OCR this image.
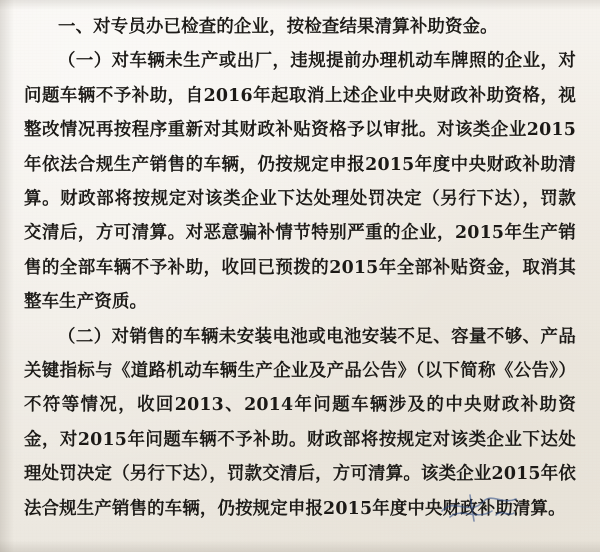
一、对专员办已检查的企业，按检查结果清算补助资金。

（一）对车辆未生产或出厂，违规提前办理机动车牌照的企业，对问题车辆不予补助，自2016年起取消上述企业中央财政补助资格，视整改情况再按程序重新对其财政补贴资格予以审批。对该类企业2015年依法合规生产销售的车辆，仍按规定申报2015年度中央财政补助清算。财政部将按规定对该类企业下达处理处罚决定（另行下达），罚款交清后，方可清算。对恶意骗补情节特别严重的企业，2015年生产销售的全部车辆不予补助，收回已预拨的2015年全部补贴资金，取消其整车生产资质。

（二）对销售的车辆未安装电池或电池安装不足、容量不够、产品关键指标与《道路机动车辆生产企业及产品公告》（以下简称《公告》）不符等情况，收回2013、2014年问题车辆涉及的中央财政补助资金，对2015年问题车辆不予补助。财政部将按规定对该类企业下达处理处罚决定（另行下达），罚款交清后，方可清算。该类企业2015年依法合规生产销售的车辆，仍按规定申报2015年度中央财政补助清算。
